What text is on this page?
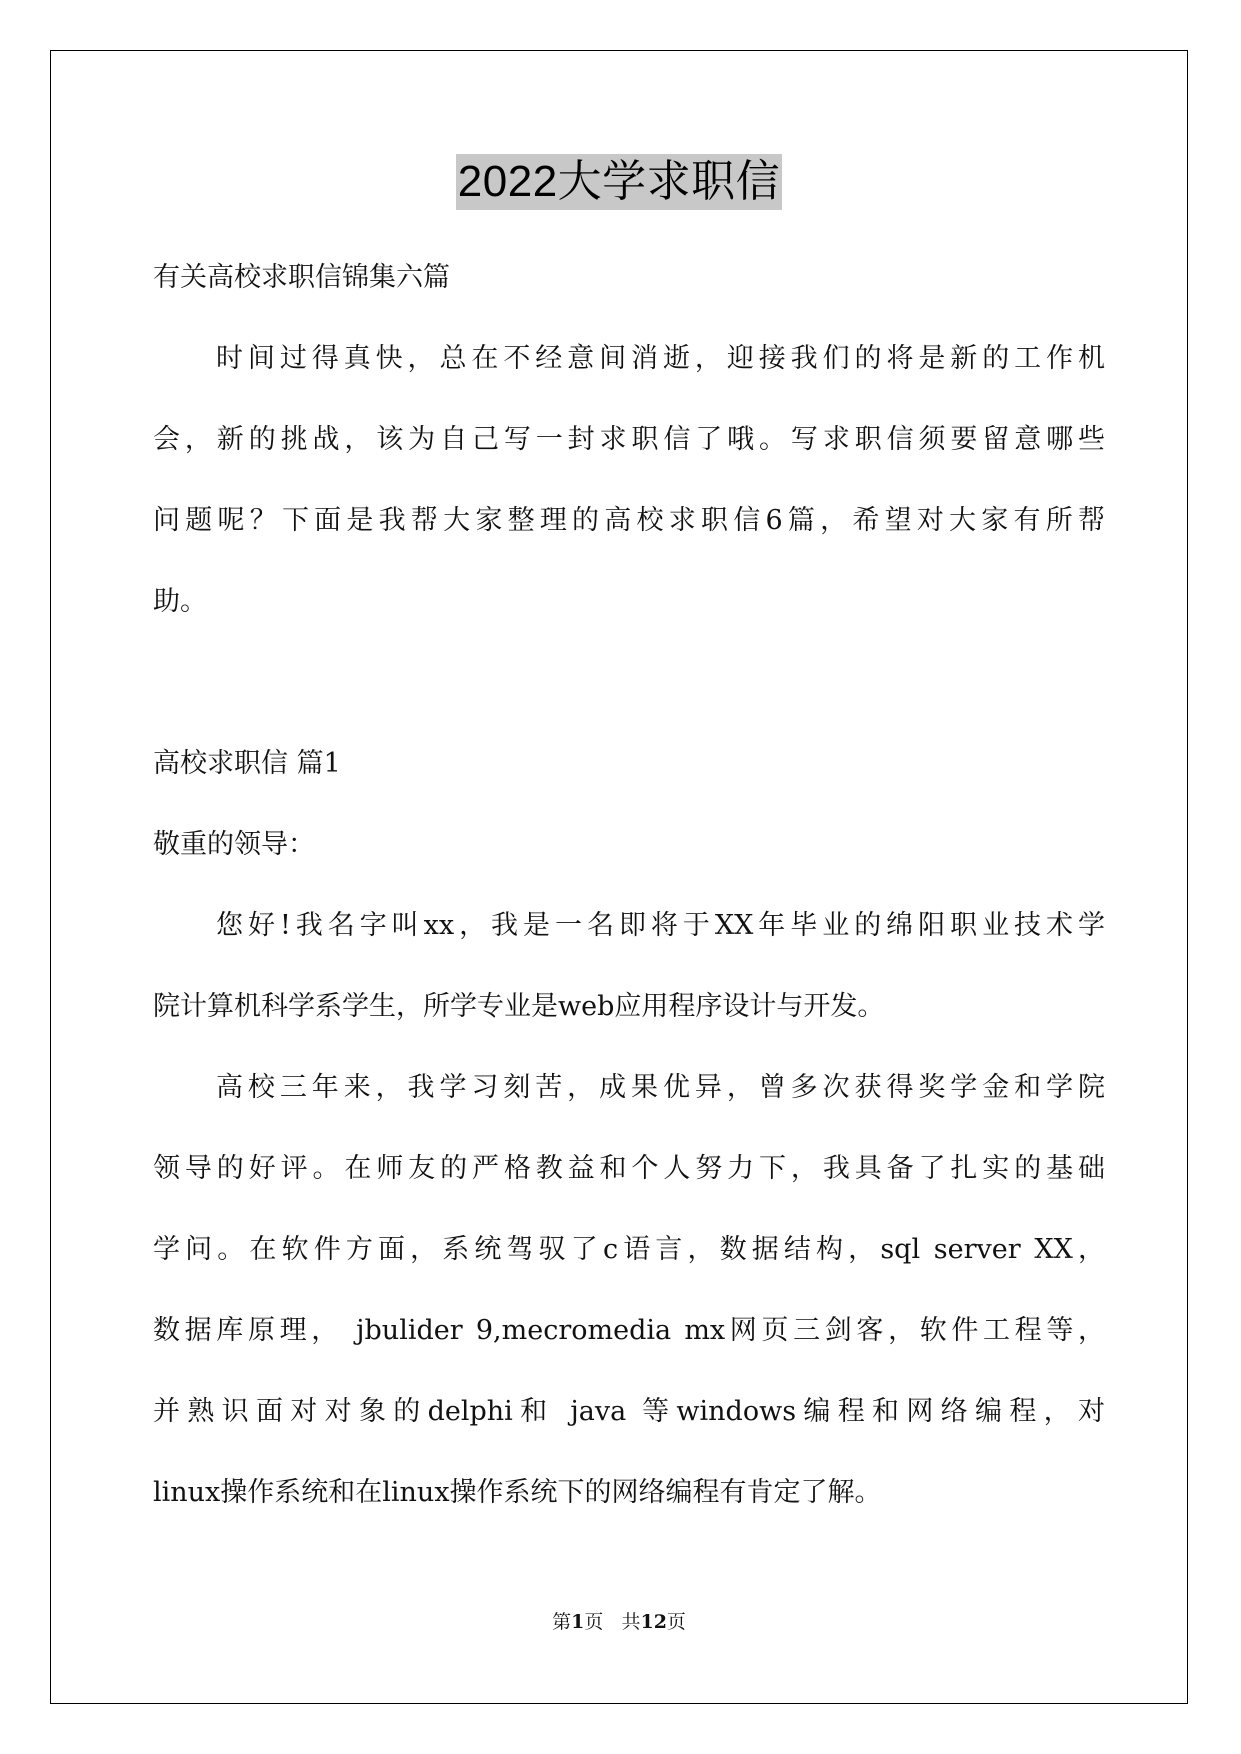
2022大学求职信
有关高校求职信锦集六篇
时间过得真快，总在不经意间消逝，迎接我们的将是新的工作机
会，新的挑战，该为自己写一封求职信了哦。写求职信须要留意哪些
问题呢？下面是我帮大家整理的高校求职信6篇，希望对大家有所帮
助。
高校求职信 篇1
敬重的领导：
您好!我名字叫xx，我是一名即将于XX年毕业的绵阳职业技术学
院计算机科学系学生，所学专业是web应用程序设计与开发。
高校三年来，我学习刻苦，成果优异，曾多次获得奖学金和学院
领导的好评。在师友的严格教益和个人努力下，我具备了扎实的基础
学问。在软件方面，系统驾驭了c语言，数据结构，sql server XX，
数据库原理， jbulider 9,mecromedia mx网页三剑客，软件工程等，
并熟识面对对象的delphi和 java 等windows编程和网络编程，对
linux操作系统和在linux操作系统下的网络编程有肯定了解。
第1页 共12页
